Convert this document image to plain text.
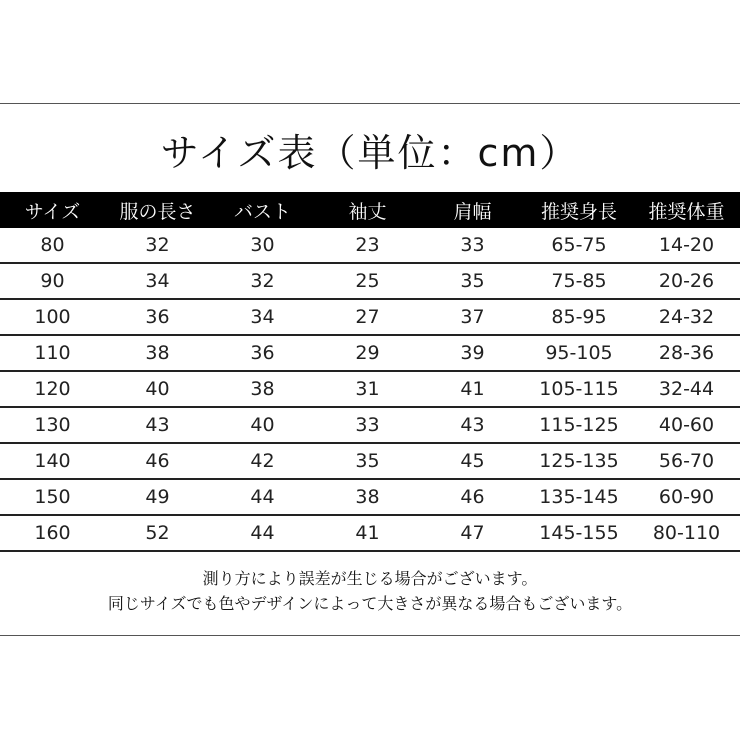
サイズ表（単位：cm）
サイズ	服の長さ	バスト	袖丈	肩幅	推奨身長	推奨体重
80	32	30	23	33	65-75	14-20
90	34	32	25	35	75-85	20-26
100	36	34	27	37	85-95	24-32
110	38	36	29	39	95-105	28-36
120	40	38	31	41	105-115	32-44
130	43	40	33	43	115-125	40-60
140	46	42	35	45	125-135	56-70
150	49	44	38	46	135-145	60-90
160	52	44	41	47	145-155	80-110
測り方により誤差が生じる場合がございます。
同じサイズでも色やデザインによって大きさが異なる場合もございます。
